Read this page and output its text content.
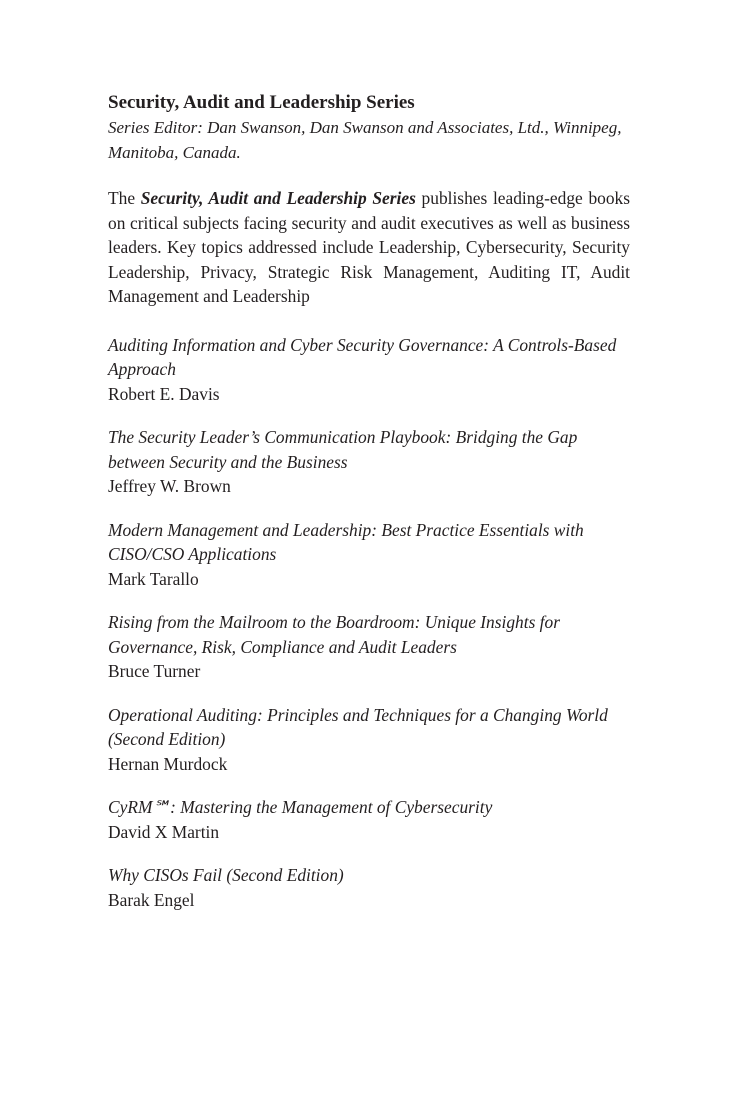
Security, Audit and Leadership Series

Series Editor: Dan Swanson, Dan Swanson and Associates, Ltd., Winnipeg, Manitoba, Canada.

The Security, Audit and Leadership Series publishes leading-edge books on critical subjects facing security and audit executives as well as business leaders. Key topics addressed include Leadership, Cybersecurity, Security Leadership, Privacy, Strategic Risk Management, Auditing IT, Audit Management and Leadership

Auditing Information and Cyber Security Governance: A Controls-Based Approach
Robert E. Davis
The Security Leader’s Communication Playbook: Bridging the Gap between Security and the Business
Jeffrey W. Brown
Modern Management and Leadership: Best Practice Essentials with CISO/CSO Applications
Mark Tarallo
Rising from the Mailroom to the Boardroom: Unique Insights for Governance, Risk, Compliance and Audit Leaders
Bruce Turner
Operational Auditing: Principles and Techniques for a Changing World (Second Edition)
Hernan Murdock
CyRM℠: Mastering the Management of Cybersecurity
David X Martin
Why CISOs Fail (Second Edition)
Barak Engel
